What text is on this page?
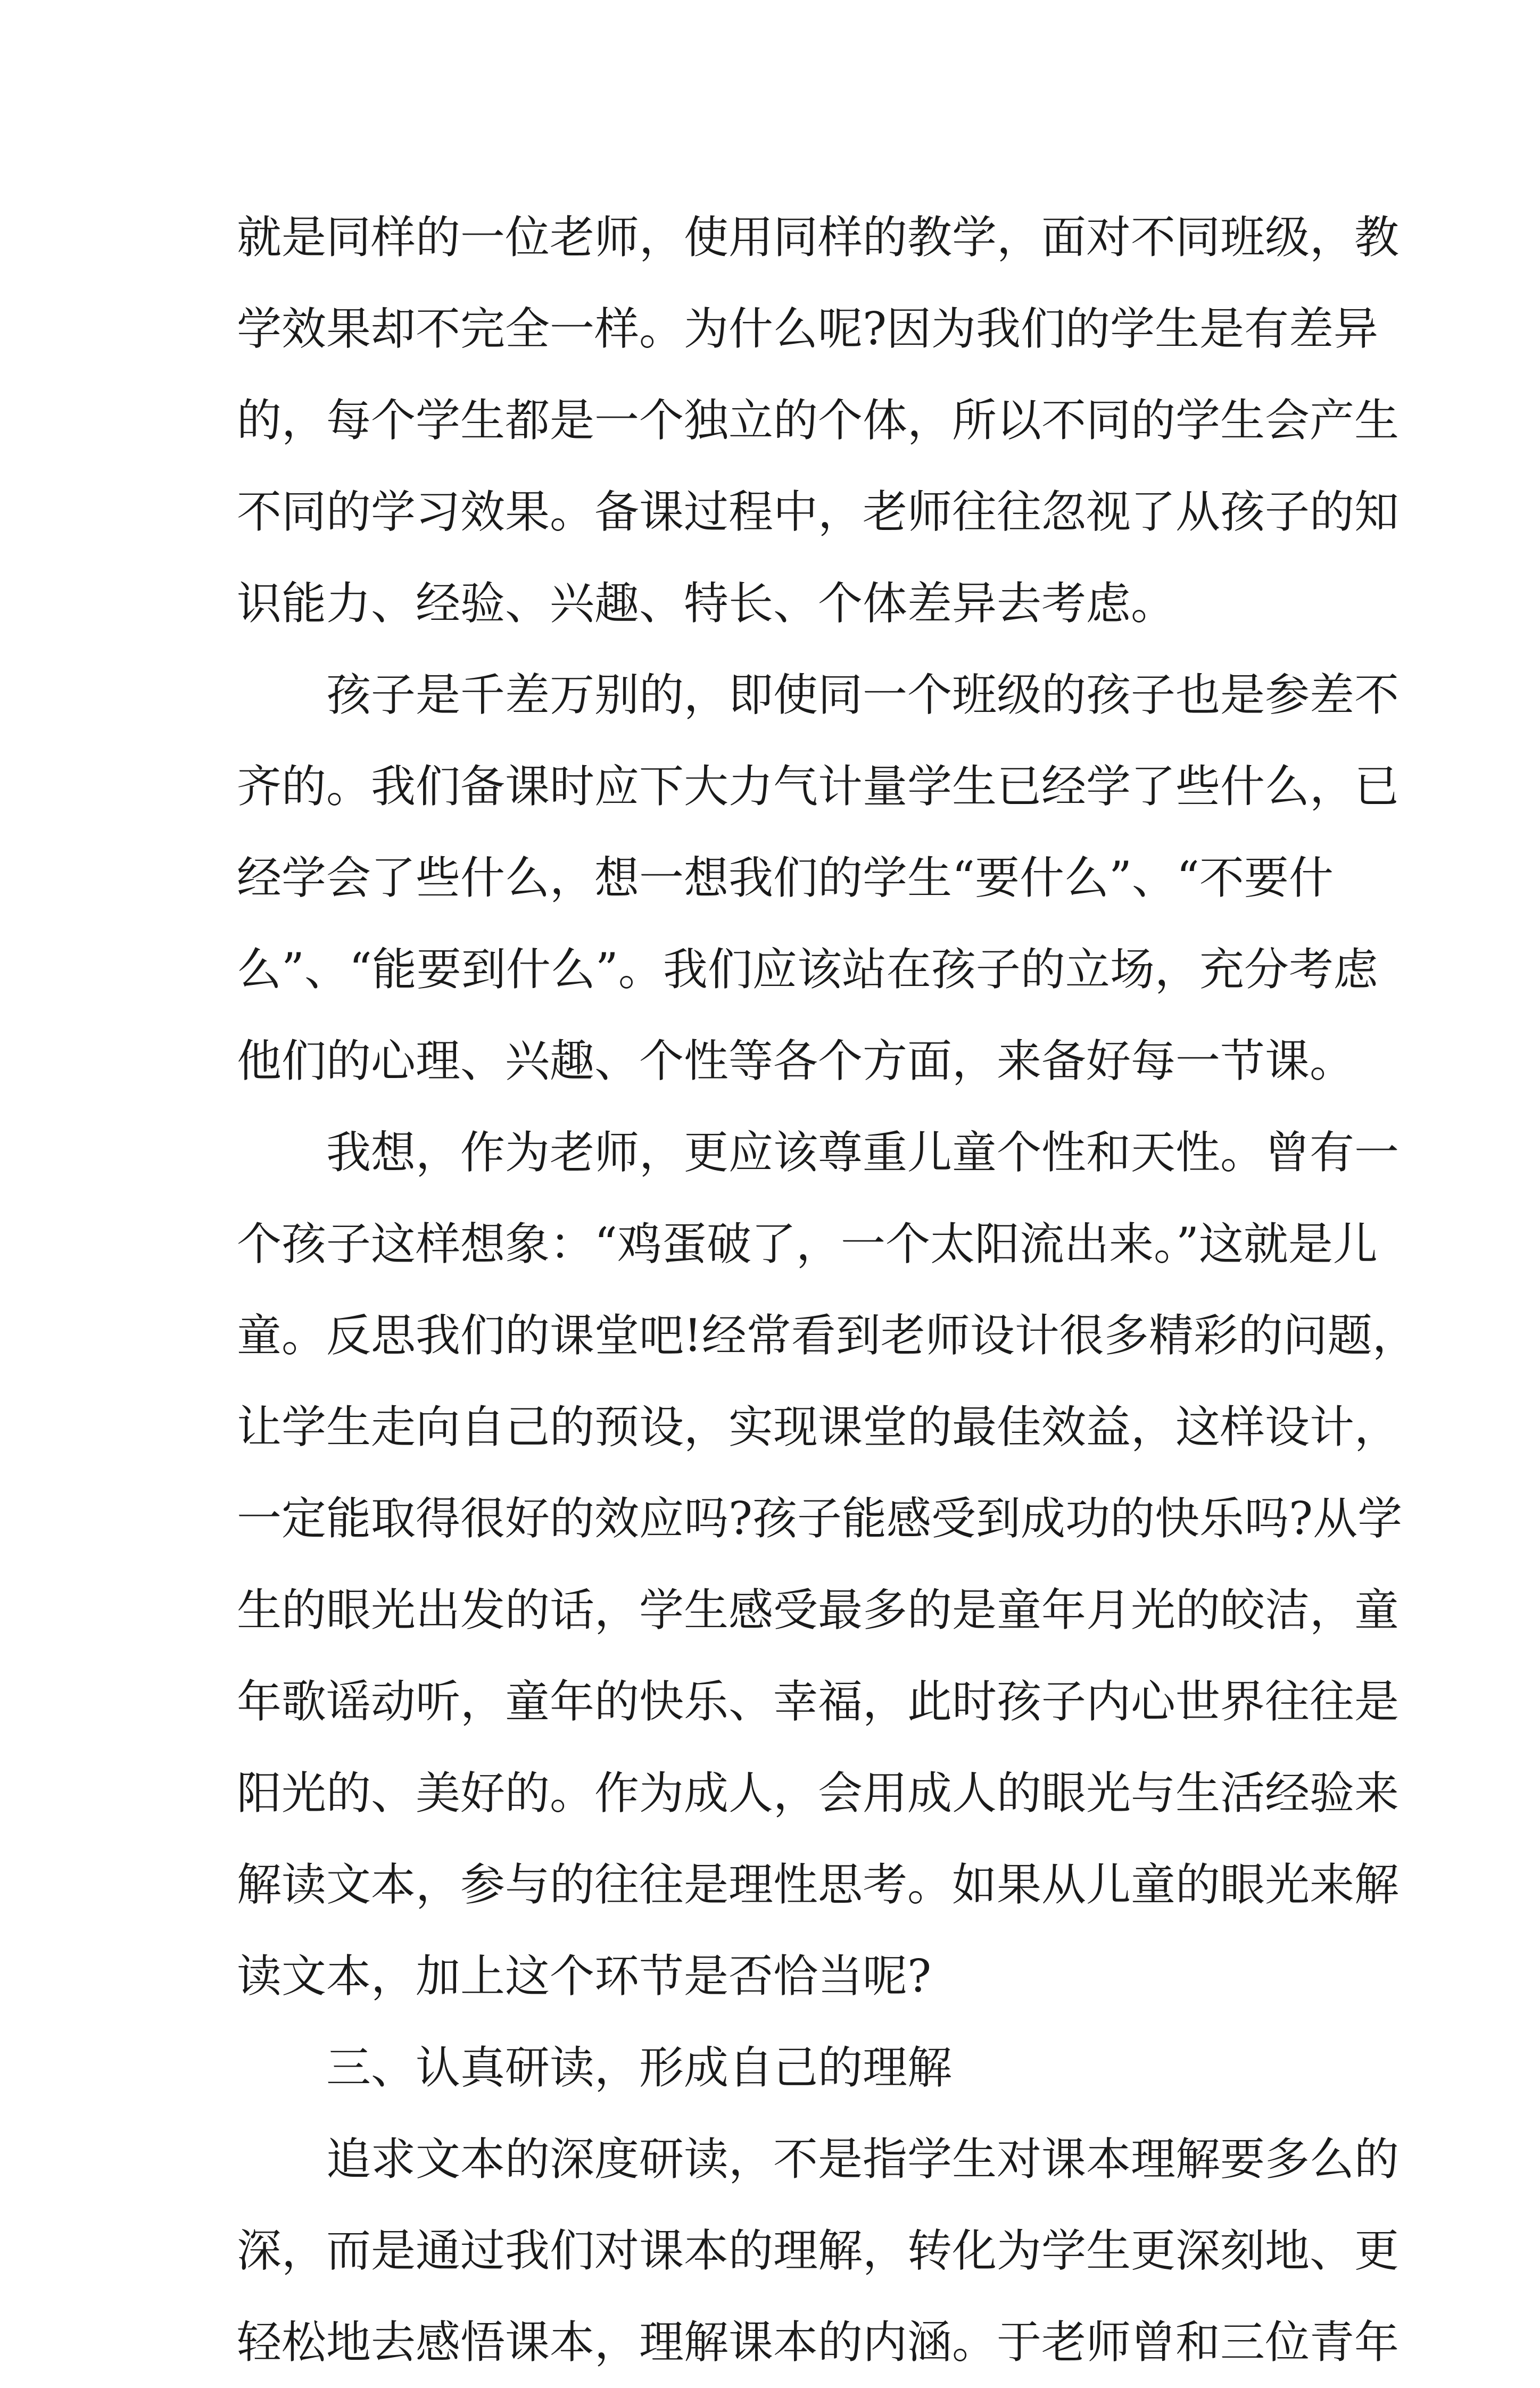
就是同样的一位老师，使用同样的教学，面对不同班级，教
学效果却不完全一样。为什么呢?因为我们的学生是有差异
的，每个学生都是一个独立的个体，所以不同的学生会产生
不同的学习效果。备课过程中，老师往往忽视了从孩子的知
识能力、经验、兴趣、特长、个体差异去考虑。
孩子是千差万别的，即使同一个班级的孩子也是参差不
齐的。我们备课时应下大力气计量学生已经学了些什么，已
经学会了些什么，想一想我们的学生“要什么”、“不要什
么”、“能要到什么”。我们应该站在孩子的立场，充分考虑
他们的心理、兴趣、个性等各个方面，来备好每一节课。
我想，作为老师，更应该尊重儿童个性和天性。曾有一
个孩子这样想象：“鸡蛋破了，一个太阳流出来。”这就是儿
童。反思我们的课堂吧!经常看到老师设计很多精彩的问题，
让学生走向自己的预设，实现课堂的最佳效益，这样设计，
一定能取得很好的效应吗?孩子能感受到成功的快乐吗?从学
生的眼光出发的话，学生感受最多的是童年月光的皎洁，童
年歌谣动听，童年的快乐、幸福，此时孩子内心世界往往是
阳光的、美好的。作为成人，会用成人的眼光与生活经验来
解读文本，参与的往往是理性思考。如果从儿童的眼光来解
读文本，加上这个环节是否恰当呢?
三、认真研读，形成自己的理解
追求文本的深度研读，不是指学生对课本理解要多么的
深，而是通过我们对课本的理解，转化为学生更深刻地、更
轻松地去感悟课本，理解课本的内涵。于老师曾和三位青年
